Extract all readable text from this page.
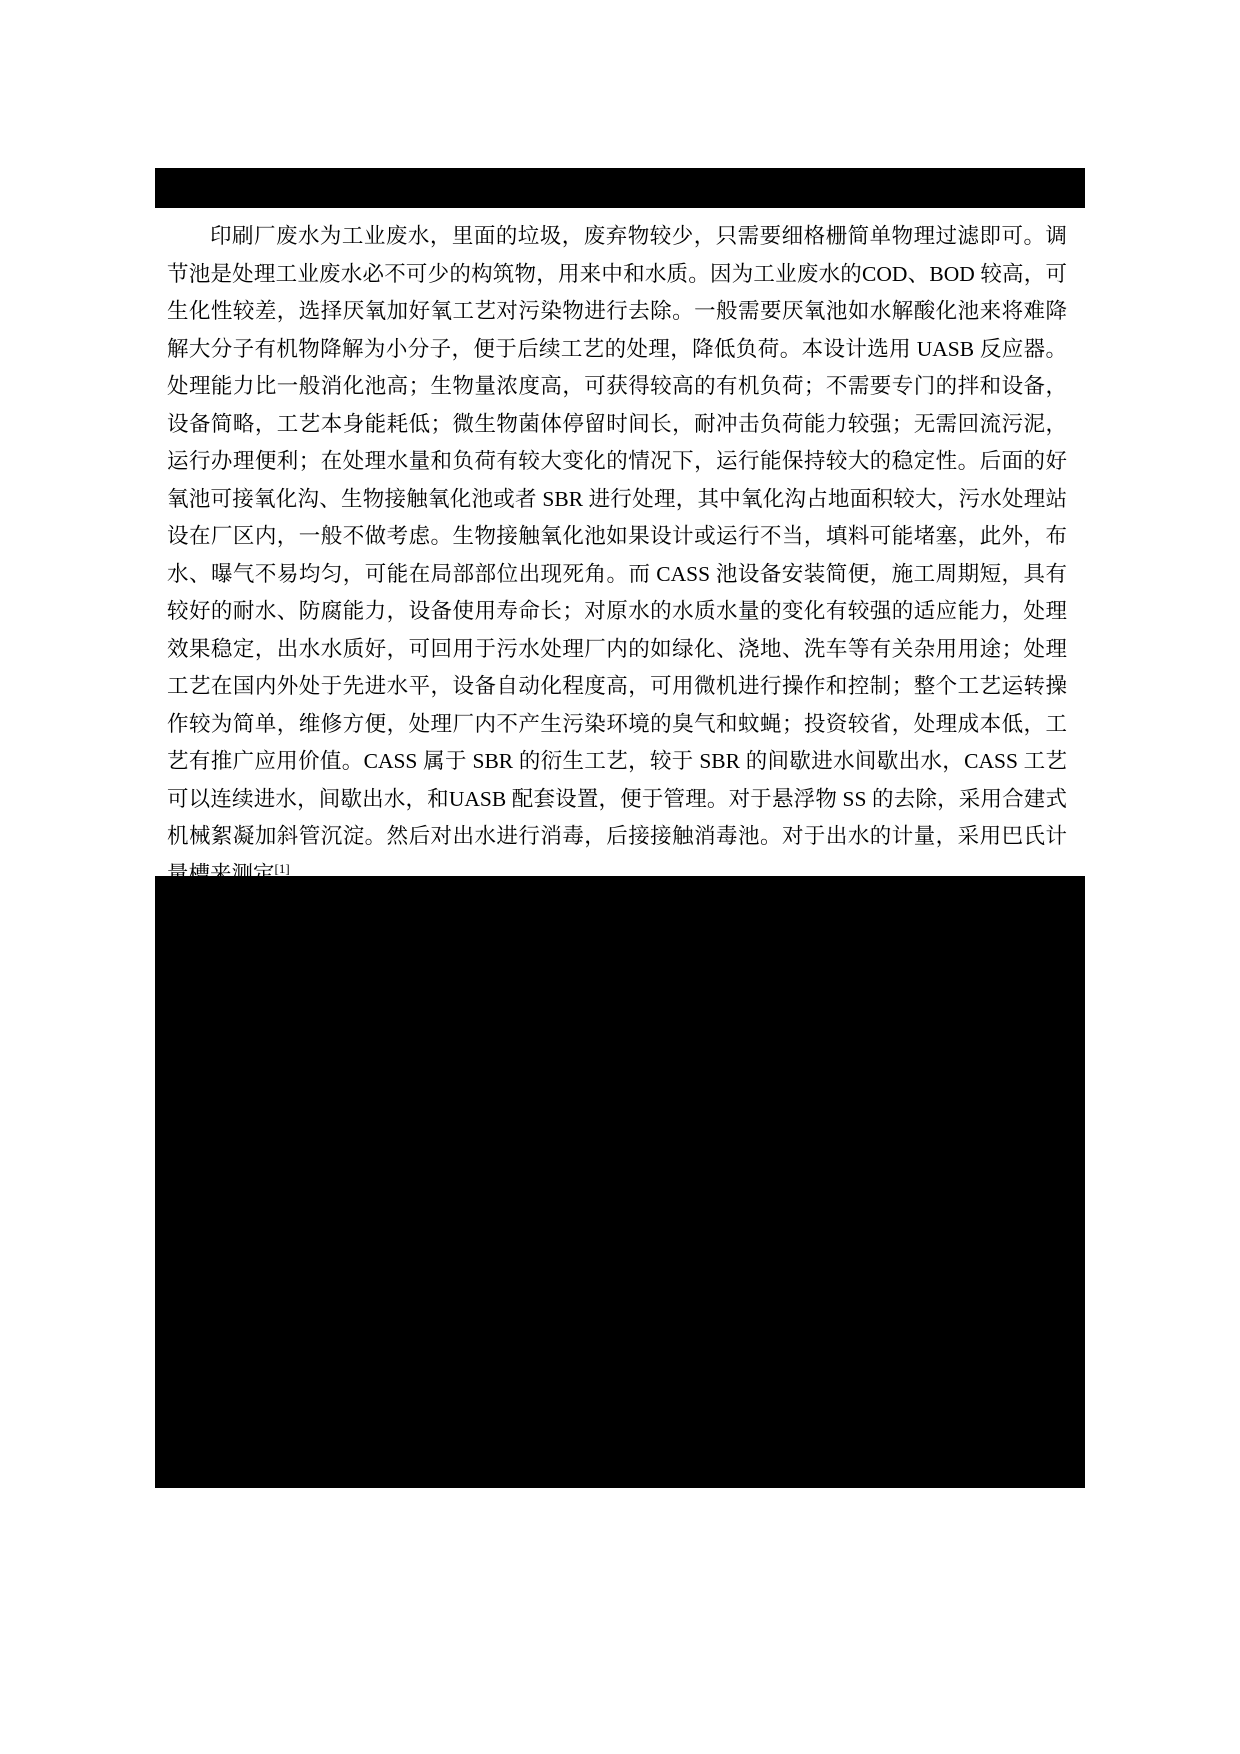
印刷厂废水为工业废水，里面的垃圾，废弃物较少，只需要细格栅简单物理过滤即可。调节池是处理工业废水必不可少的构筑物，用来中和水质。因为工业废水的COD、BOD 较高，可生化性较差，选择厌氧加好氧工艺对污染物进行去除。一般需要厌氧池如水解酸化池来将难降解大分子有机物降解为小分子，便于后续工艺的处理，降低负荷。本设计选用 UASB 反应器。处理能力比一般消化池高；生物量浓度高，可获得较高的有机负荷；不需要专门的拌和设备，设备简略，工艺本身能耗低；微生物菌体停留时间长，耐冲击负荷能力较强；无需回流污泥，运行办理便利；在处理水量和负荷有较大变化的情况下，运行能保持较大的稳定性。后面的好氧池可接氧化沟、生物接触氧化池或者 SBR 进行处理，其中氧化沟占地面积较大，污水处理站设在厂区内，一般不做考虑。生物接触氧化池如果设计或运行不当，填料可能堵塞，此外，布水、曝气不易均匀，可能在局部部位出现死角。而 CASS 池设备安装简便，施工周期短，具有较好的耐水、防腐能力，设备使用寿命长；对原水的水质水量的变化有较强的适应能力，处理效果稳定，出水水质好，可回用于污水处理厂内的如绿化、浇地、洗车等有关杂用用途；处理工艺在国内外处于先进水平，设备自动化程度高，可用微机进行操作和控制；整个工艺运转操作较为简单，维修方便，处理厂内不产生污染环境的臭气和蚊蝇；投资较省，处理成本低，工艺有推广应用价值。CASS 属于 SBR 的衍生工艺，较于 SBR 的间歇进水间歇出水，CASS 工艺可以连续进水，间歇出水，和UASB 配套设置，便于管理。对于悬浮物 SS 的去除，采用合建式机械絮凝加斜管沉淀。然后对出水进行消毒，后接接触消毒池。对于出水的计量，采用巴氏计量槽来测定[1]。
